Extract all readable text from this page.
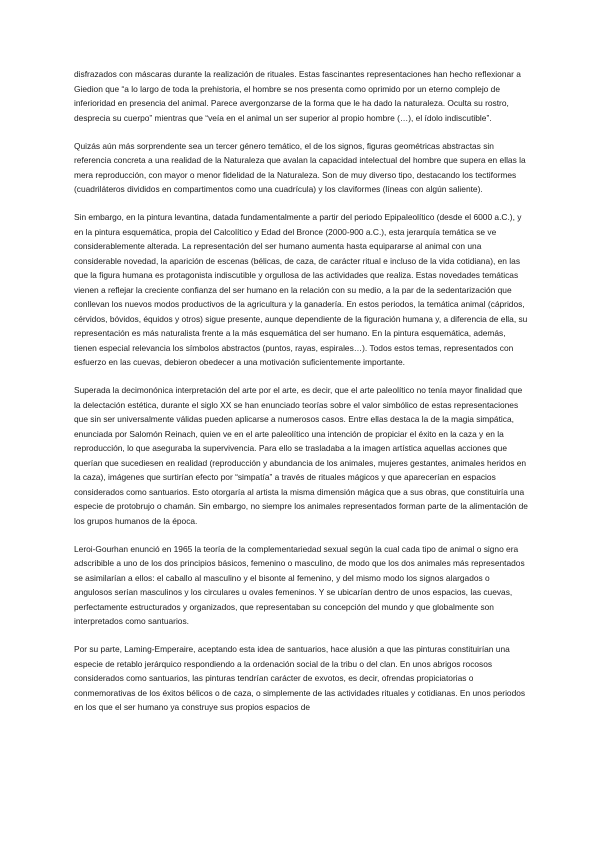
disfrazados con máscaras durante la realización de rituales. Estas fascinantes representaciones han hecho reflexionar a Giedion que “a lo largo de toda la prehistoria, el hombre se nos presenta como oprimido por un eterno complejo de inferioridad en presencia del animal. Parece avergonzarse de la forma que le ha dado la naturaleza. Oculta su rostro, desprecia su cuerpo” mientras que “veía en el animal un ser superior al propio hombre (…), el ídolo indiscutible”.

Quizás aún más sorprendente sea un tercer género temático, el de los signos, figuras geométricas abstractas sin referencia concreta a una realidad de la Naturaleza que avalan la capacidad intelectual del hombre que supera en ellas la mera reproducción, con mayor o menor fidelidad de la Naturaleza. Son de muy diverso tipo, destacando los tectiformes (cuadriláteros divididos en compartimentos como una cuadrícula) y los claviformes (líneas con algún saliente).

Sin embargo, en la pintura levantina, datada fundamentalmente a partir del periodo Epipaleolítico (desde el 6000 a.C.), y en la pintura esquemática, propia del Calcolítico y Edad del Bronce (2000-900 a.C.), esta jerarquía temática se ve considerablemente alterada. La representación del ser humano aumenta hasta equipararse al animal con una considerable novedad, la aparición de escenas (bélicas, de caza, de carácter ritual e incluso de la vida cotidiana), en las que la figura humana es protagonista indiscutible y orgullosa de las actividades que realiza. Estas novedades temáticas vienen a reflejar la creciente confianza del ser humano en la relación con su medio, a la par de la sedentarización que conllevan los nuevos modos productivos de la agricultura y la ganadería. En estos periodos, la temática animal (cápridos, cérvidos, bóvidos, équidos y otros) sigue presente, aunque dependiente de la figuración humana y, a diferencia de ella, su representación es más naturalista frente a la más esquemática del ser humano. En la pintura esquemática, además, tienen especial relevancia los símbolos abstractos (puntos, rayas, espirales…). Todos estos temas, representados con esfuerzo en las cuevas, debieron obedecer a una motivación suficientemente importante.

Superada la decimonónica interpretación del arte por el arte, es decir, que el arte paleolítico no tenía mayor finalidad que la delectación estética, durante el siglo XX se han enunciado teorías sobre el valor simbólico de estas representaciones que sin ser universalmente válidas pueden aplicarse a numerosos casos. Entre ellas destaca la de la magia simpática, enunciada por Salomón Reinach, quien ve en el arte paleolítico una intención de propiciar el éxito en la caza y en la reproducción, lo que aseguraba la supervivencia. Para ello se trasladaba a la imagen artística aquellas acciones que querían que sucediesen en realidad (reproducción y abundancia de los animales, mujeres gestantes, animales heridos en la caza), imágenes que surtirían efecto por “simpatía” a través de rituales mágicos y que aparecerían en espacios considerados como santuarios. Esto otorgaría al artista la misma dimensión mágica que a sus obras, que constituiría una especie de protobrujo o chamán. Sin embargo, no siempre los animales representados forman parte de la alimentación de los grupos humanos de la época.

Leroi-Gourhan enunció en 1965 la teoría de la complementariedad sexual según la cual cada tipo de animal o signo era adscribible a uno de los dos principios básicos, femenino o masculino, de modo que los dos animales más representados se asimilarían a ellos: el caballo al masculino y el bisonte al femenino, y del mismo modo los signos alargados o angulosos serían masculinos y los circulares u ovales femeninos. Y se ubicarían dentro de unos espacios, las cuevas, perfectamente estructurados y organizados, que representaban su concepción del mundo y que globalmente son interpretados como santuarios.

Por su parte, Laming-Emperaire, aceptando esta idea de santuarios, hace alusión a que las pinturas constituirían una especie de retablo jerárquico respondiendo a la ordenación social de la tribu o del clan. En unos abrigos rocosos considerados como santuarios, las pinturas tendrían carácter de exvotos, es decir, ofrendas propiciatorias o conmemorativas de los éxitos bélicos o de caza, o simplemente de las actividades rituales y cotidianas. En unos periodos en los que el ser humano ya construye sus propios espacios de
